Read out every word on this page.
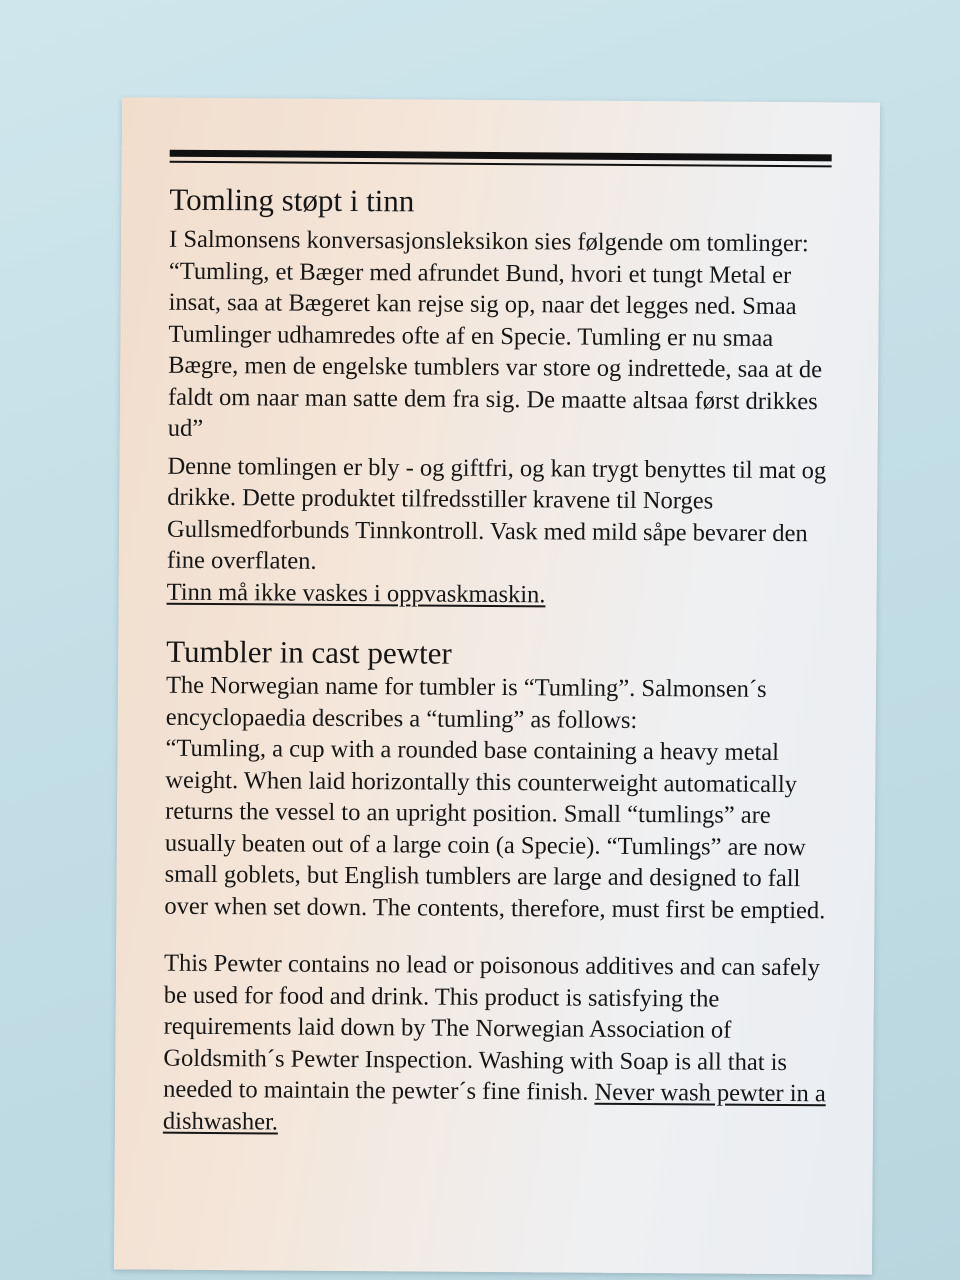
Tomling støpt i tinn

I Salmonsens konversasjonsleksikon sies følgende om tomlinger:

“Tumling, et Bæger med afrundet Bund, hvori et tungt Metal er insat, saa at Bægeret kan rejse sig op, naar det legges ned. Smaa Tumlinger udhamredes ofte af en Specie. Tumling er nu smaa Bægre, men de engelske tumblers var store og indrettede, saa at de faldt om naar man satte dem fra sig. De maatte altsaa først drikkes ud”

Denne tomlingen er bly - og giftfri, og kan trygt benyttes til mat og drikke. Dette produktet tilfredsstiller kravene til Norges Gullsmedforbunds Tinnkontroll. Vask med mild såpe bevarer den fine overflaten.

Tinn må ikke vaskes i oppvaskmaskin.

Tumbler in cast pewter

The Norwegian name for tumbler is “Tumling”. Salmonsen´s encyclopaedia describes a “tumling” as follows:

“Tumling, a cup with a rounded base containing a heavy metal weight. When laid horizontally this counterweight automatically returns the vessel to an upright position. Small “tumlings” are usually beaten out of a large coin (a Specie). “Tumlings” are now small goblets, but English tumblers are large and designed to fall over when set down. The contents, therefore, must first be emptied.

This Pewter contains no lead or poisonous additives and can safely be used for food and drink. This product is satisfying the requirements laid down by The Norwegian Association of Goldsmith´s Pewter Inspection. Washing with Soap is all that is needed to maintain the pewter´s fine finish. Never wash pewter in a dishwasher.
